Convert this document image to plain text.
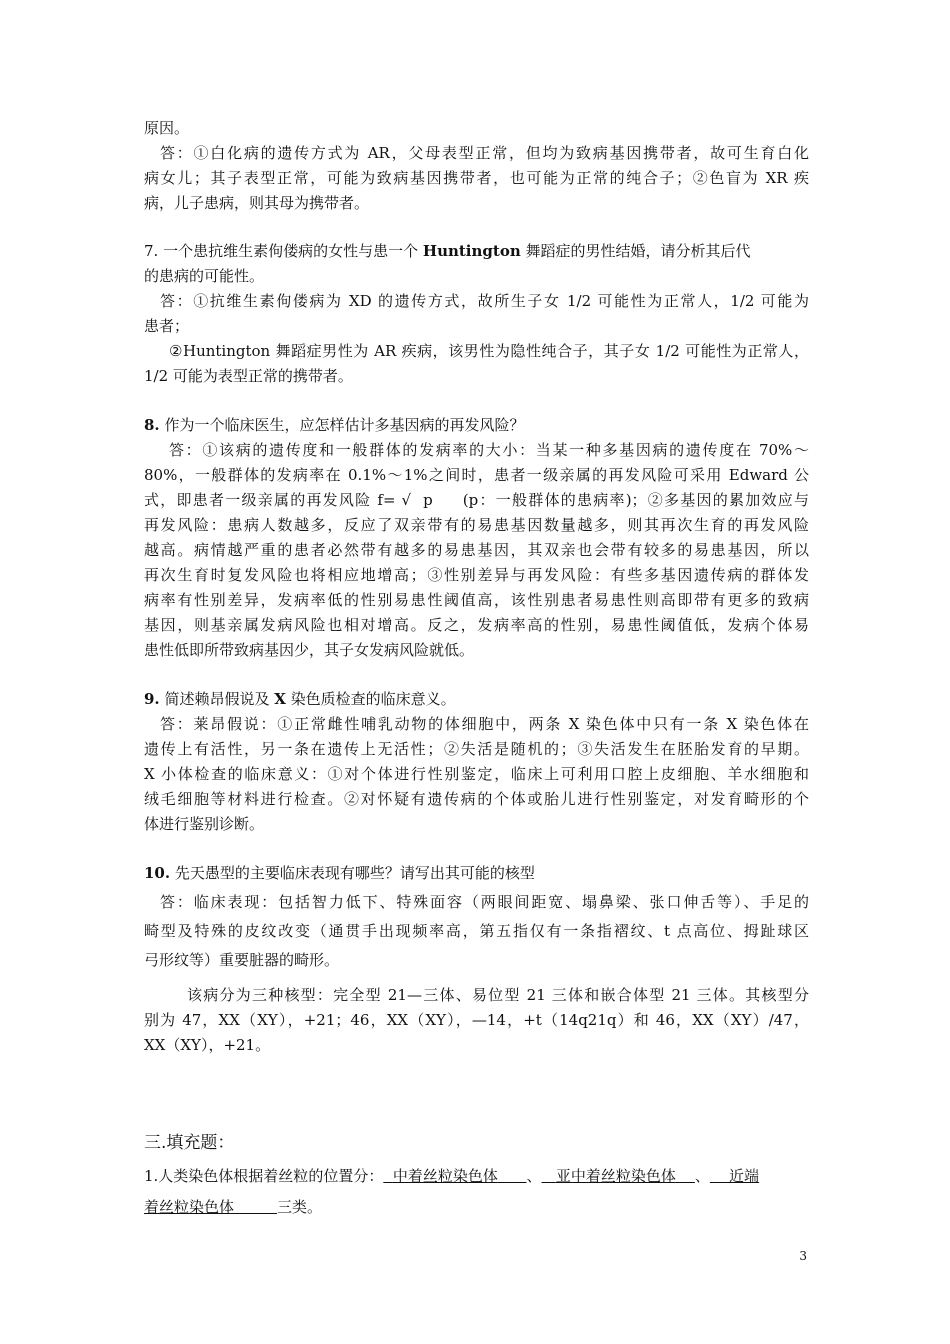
原因。
答：①白化病的遗传方式为 AR，父母表型正常，但均为致病基因携带者，故可生育白化
病女儿；其子表型正常，可能为致病基因携带者，也可能为正常的纯合子；②色盲为 XR 疾
病，儿子患病，则其母为携带者。
7. 一个患抗维生素佝偻病的女性与患一个 Huntington 舞蹈症的男性结婚，请分析其后代
的患病的可能性。
答：①抗维生素佝偻病为 XD 的遗传方式，故所生子女 1/2 可能性为正常人，1/2 可能为
患者；
②Huntington 舞蹈症男性为 AR 疾病，该男性为隐性纯合子，其子女 1/2 可能性为正常人，
1/2 可能为表型正常的携带者。
8. 作为一个临床医生，应怎样估计多基因病的再发风险？
答：①该病的遗传度和一般群体的发病率的大小：当某一种多基因病的遗传度在 70%～
80%，一般群体的发病率在 0.1%～1%之间时，患者一级亲属的再发风险可采用 Edward 公
式，即患者一级亲属的再发风险 f= √  p     (p：一般群体的患病率)；②多基因的累加效应与
再发风险：患病人数越多，反应了双亲带有的易患基因数量越多，则其再次生育的再发风险
越高。病情越严重的患者必然带有越多的易患基因，其双亲也会带有较多的易患基因，所以
再次生育时复发风险也将相应地增高；③性别差异与再发风险：有些多基因遗传病的群体发
病率有性别差异，发病率低的性别易患性阈值高，该性别患者易患性则高即带有更多的致病
基因，则基亲属发病风险也相对增高。反之，发病率高的性别，易患性阈值低，发病个体易
患性低即所带致病基因少，其子女发病风险就低。
9. 简述赖昂假说及 X 染色质检查的临床意义。
答：莱昂假说：①正常雌性哺乳动物的体细胞中，两条 X 染色体中只有一条 X 染色体在
遗传上有活性，另一条在遗传上无活性；②失活是随机的；③失活发生在胚胎发育的早期。
X 小体检查的临床意义：①对个体进行性别鉴定，临床上可利用口腔上皮细胞、羊水细胞和
绒毛细胞等材料进行检查。②对怀疑有遗传病的个体或胎儿进行性别鉴定，对发育畸形的个
体进行鉴别诊断。
10. 先天愚型的主要临床表现有哪些？请写出其可能的核型
答：临床表现：包括智力低下、特殊面容（两眼间距宽、塌鼻梁、张口伸舌等）、手足的
畸型及特殊的皮纹改变（通贯手出现频率高，第五指仅有一条指褶纹、t 点高位、拇趾球区
弓形纹等）重要脏器的畸形。
该病分为三种核型：完全型 21—三体、易位型 21 三体和嵌合体型 21 三体。其核型分
别为 47，XX（XY），+21；46，XX（XY），—14，+t（14q21q）和 46，XX（XY）/47，
XX（XY），+21。
三.填充题：
1.人类染色体根据着丝粒的位置分： 中着丝粒染色体 、 亚中着丝粒染色体 、 近端
着丝粒染色体	三类。
3
